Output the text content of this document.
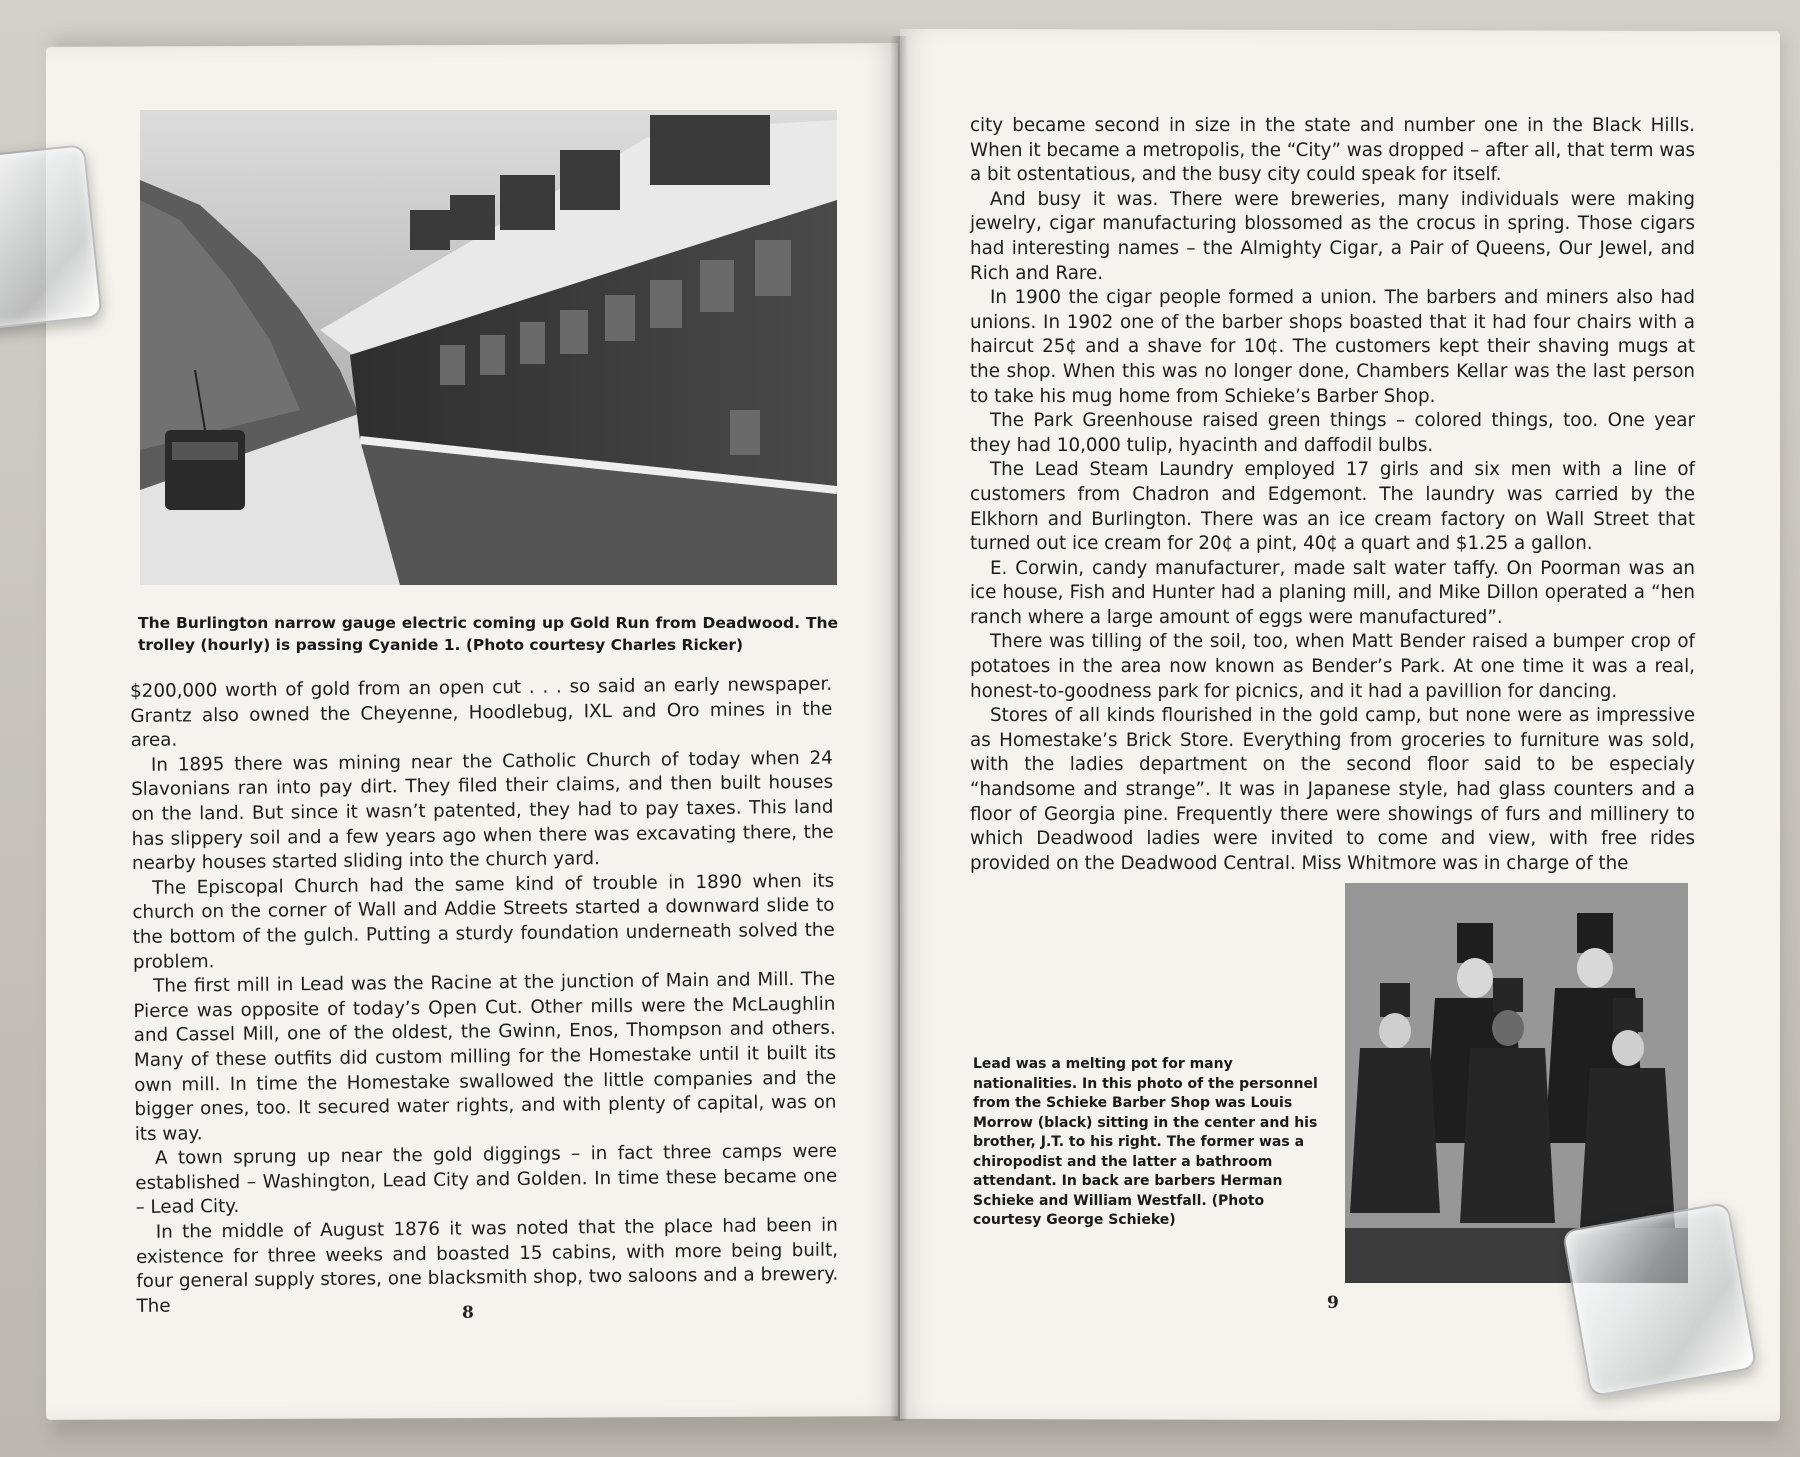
The Burlington narrow gauge electric coming up Gold Run from Deadwood. The trolley (hourly) is passing Cyanide 1. (Photo courtesy Charles Ricker)

$200,000 worth of gold from an open cut . . . so said an early newspaper. Grantz also owned the Cheyenne, Hoodlebug, IXL and Oro mines in the area.

In 1895 there was mining near the Catholic Church of today when 24 Slavonians ran into pay dirt. They filed their claims, and then built houses on the land. But since it wasn’t patented, they had to pay taxes. This land has slippery soil and a few years ago when there was excavating there, the nearby houses started sliding into the church yard.

The Episcopal Church had the same kind of trouble in 1890 when its church on the corner of Wall and Addie Streets started a downward slide to the bottom of the gulch. Putting a sturdy foundation underneath solved the problem.

The first mill in Lead was the Racine at the junction of Main and Mill. The Pierce was opposite of today’s Open Cut. Other mills were the McLaughlin and Cassel Mill, one of the oldest, the Gwinn, Enos, Thompson and others. Many of these outfits did custom milling for the Homestake until it built its own mill. In time the Homestake swallowed the little companies and the bigger ones, too. It secured water rights, and with plenty of capital, was on its way.

A town sprung up near the gold diggings – in fact three camps were established – Washington, Lead City and Golden. In time these became one – Lead City.

In the middle of August 1876 it was noted that the place had been in existence for three weeks and boasted 15 cabins, with more being built, four general supply stores, one blacksmith shop, two saloons and a brewery. The	8

city became second in size in the state and number one in the Black Hills. When it became a metropolis, the “City” was dropped – after all, that term was a bit ostentatious, and the busy city could speak for itself.

And busy it was. There were breweries, many individuals were making jewelry, cigar manufacturing blossomed as the crocus in spring. Those cigars had interesting names – the Almighty Cigar, a Pair of Queens, Our Jewel, and Rich and Rare.

In 1900 the cigar people formed a union. The barbers and miners also had unions. In 1902 one of the barber shops boasted that it had four chairs with a haircut 25¢ and a shave for 10¢. The customers kept their shaving mugs at the shop. When this was no longer done, Chambers Kellar was the last person to take his mug home from Schieke’s Barber Shop.

The Park Greenhouse raised green things – colored things, too. One year they had 10,000 tulip, hyacinth and daffodil bulbs.

The Lead Steam Laundry employed 17 girls and six men with a line of customers from Chadron and Edgemont. The laundry was carried by the Elkhorn and Burlington. There was an ice cream factory on Wall Street that turned out ice cream for 20¢ a pint, 40¢ a quart and $1.25 a gallon.

E. Corwin, candy manufacturer, made salt water taffy. On Poorman was an ice house, Fish and Hunter had a planing mill, and Mike Dillon operated a “hen ranch where a large amount of eggs were manufactured”.

There was tilling of the soil, too, when Matt Bender raised a bumper crop of potatoes in the area now known as Bender’s Park. At one time it was a real, honest-to-goodness park for picnics, and it had a pavillion for dancing.

Stores of all kinds flourished in the gold camp, but none were as impressive as Homestake’s Brick Store. Everything from groceries to furniture was sold, with the ladies department on the second floor said to be especialy “handsome and strange”. It was in Japanese style, had glass counters and a floor of Georgia pine. Frequently there were showings of furs and millinery to which Deadwood ladies were invited to come and view, with free rides provided on the Deadwood Central. Miss Whitmore was in charge of the

Lead was a melting pot for many nationalities. In this photo of the personnel from the Schieke Barber Shop was Louis Morrow (black) sitting in the center and his brother, J.T. to his right. The former was a chiropodist and the latter a bathroom attendant. In back are barbers Herman Schieke and William Westfall. (Photo courtesy George Schieke)
9
